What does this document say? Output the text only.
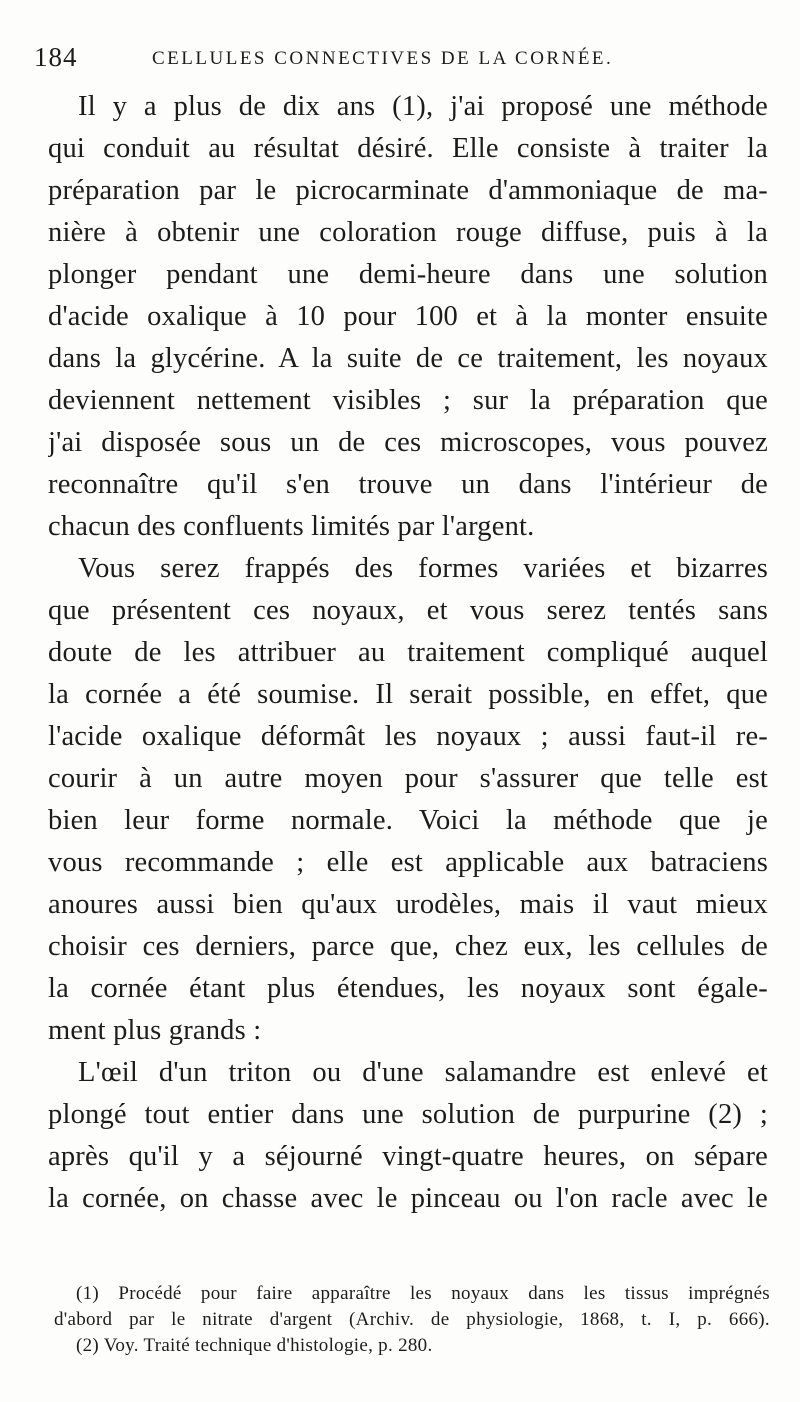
184	CELLULES CONNECTIVES DE LA CORNÉE.

Il y a plus de dix ans (1), j'ai proposé une méthode
qui conduit au résultat désiré. Elle consiste à traiter la
préparation par le picrocarminate d'ammoniaque de ma-
nière à obtenir une coloration rouge diffuse, puis à la
plonger pendant une demi-heure dans une solution
d'acide oxalique à 10 pour 100 et à la monter ensuite
dans la glycérine. A la suite de ce traitement, les noyaux
deviennent nettement visibles ; sur la préparation que
j'ai disposée sous un de ces microscopes, vous pouvez
reconnaître qu'il s'en trouve un dans l'intérieur de
chacun des confluents limités par l'argent.

Vous serez frappés des formes variées et bizarres
que présentent ces noyaux, et vous serez tentés sans
doute de les attribuer au traitement compliqué auquel
la cornée a été soumise. Il serait possible, en effet, que
l'acide oxalique déformât les noyaux ; aussi faut-il re-
courir à un autre moyen pour s'assurer que telle est
bien leur forme normale. Voici la méthode que je
vous recommande ; elle est applicable aux batraciens
anoures aussi bien qu'aux urodèles, mais il vaut mieux
choisir ces derniers, parce que, chez eux, les cellules de
la cornée étant plus étendues, les noyaux sont égale-
ment plus grands :

L'œil d'un triton ou d'une salamandre est enlevé et
plongé tout entier dans une solution de purpurine (2) ;
après qu'il y a séjourné vingt-quatre heures, on sépare
la cornée, on chasse avec le pinceau ou l'on racle avec le

(1) Procédé pour faire apparaître les noyaux dans les tissus imprégnés
d'abord par le nitrate d'argent (Archiv. de physiologie, 1868, t. I, p. 666).
(2) Voy. Traité technique d'histologie, p. 280.
